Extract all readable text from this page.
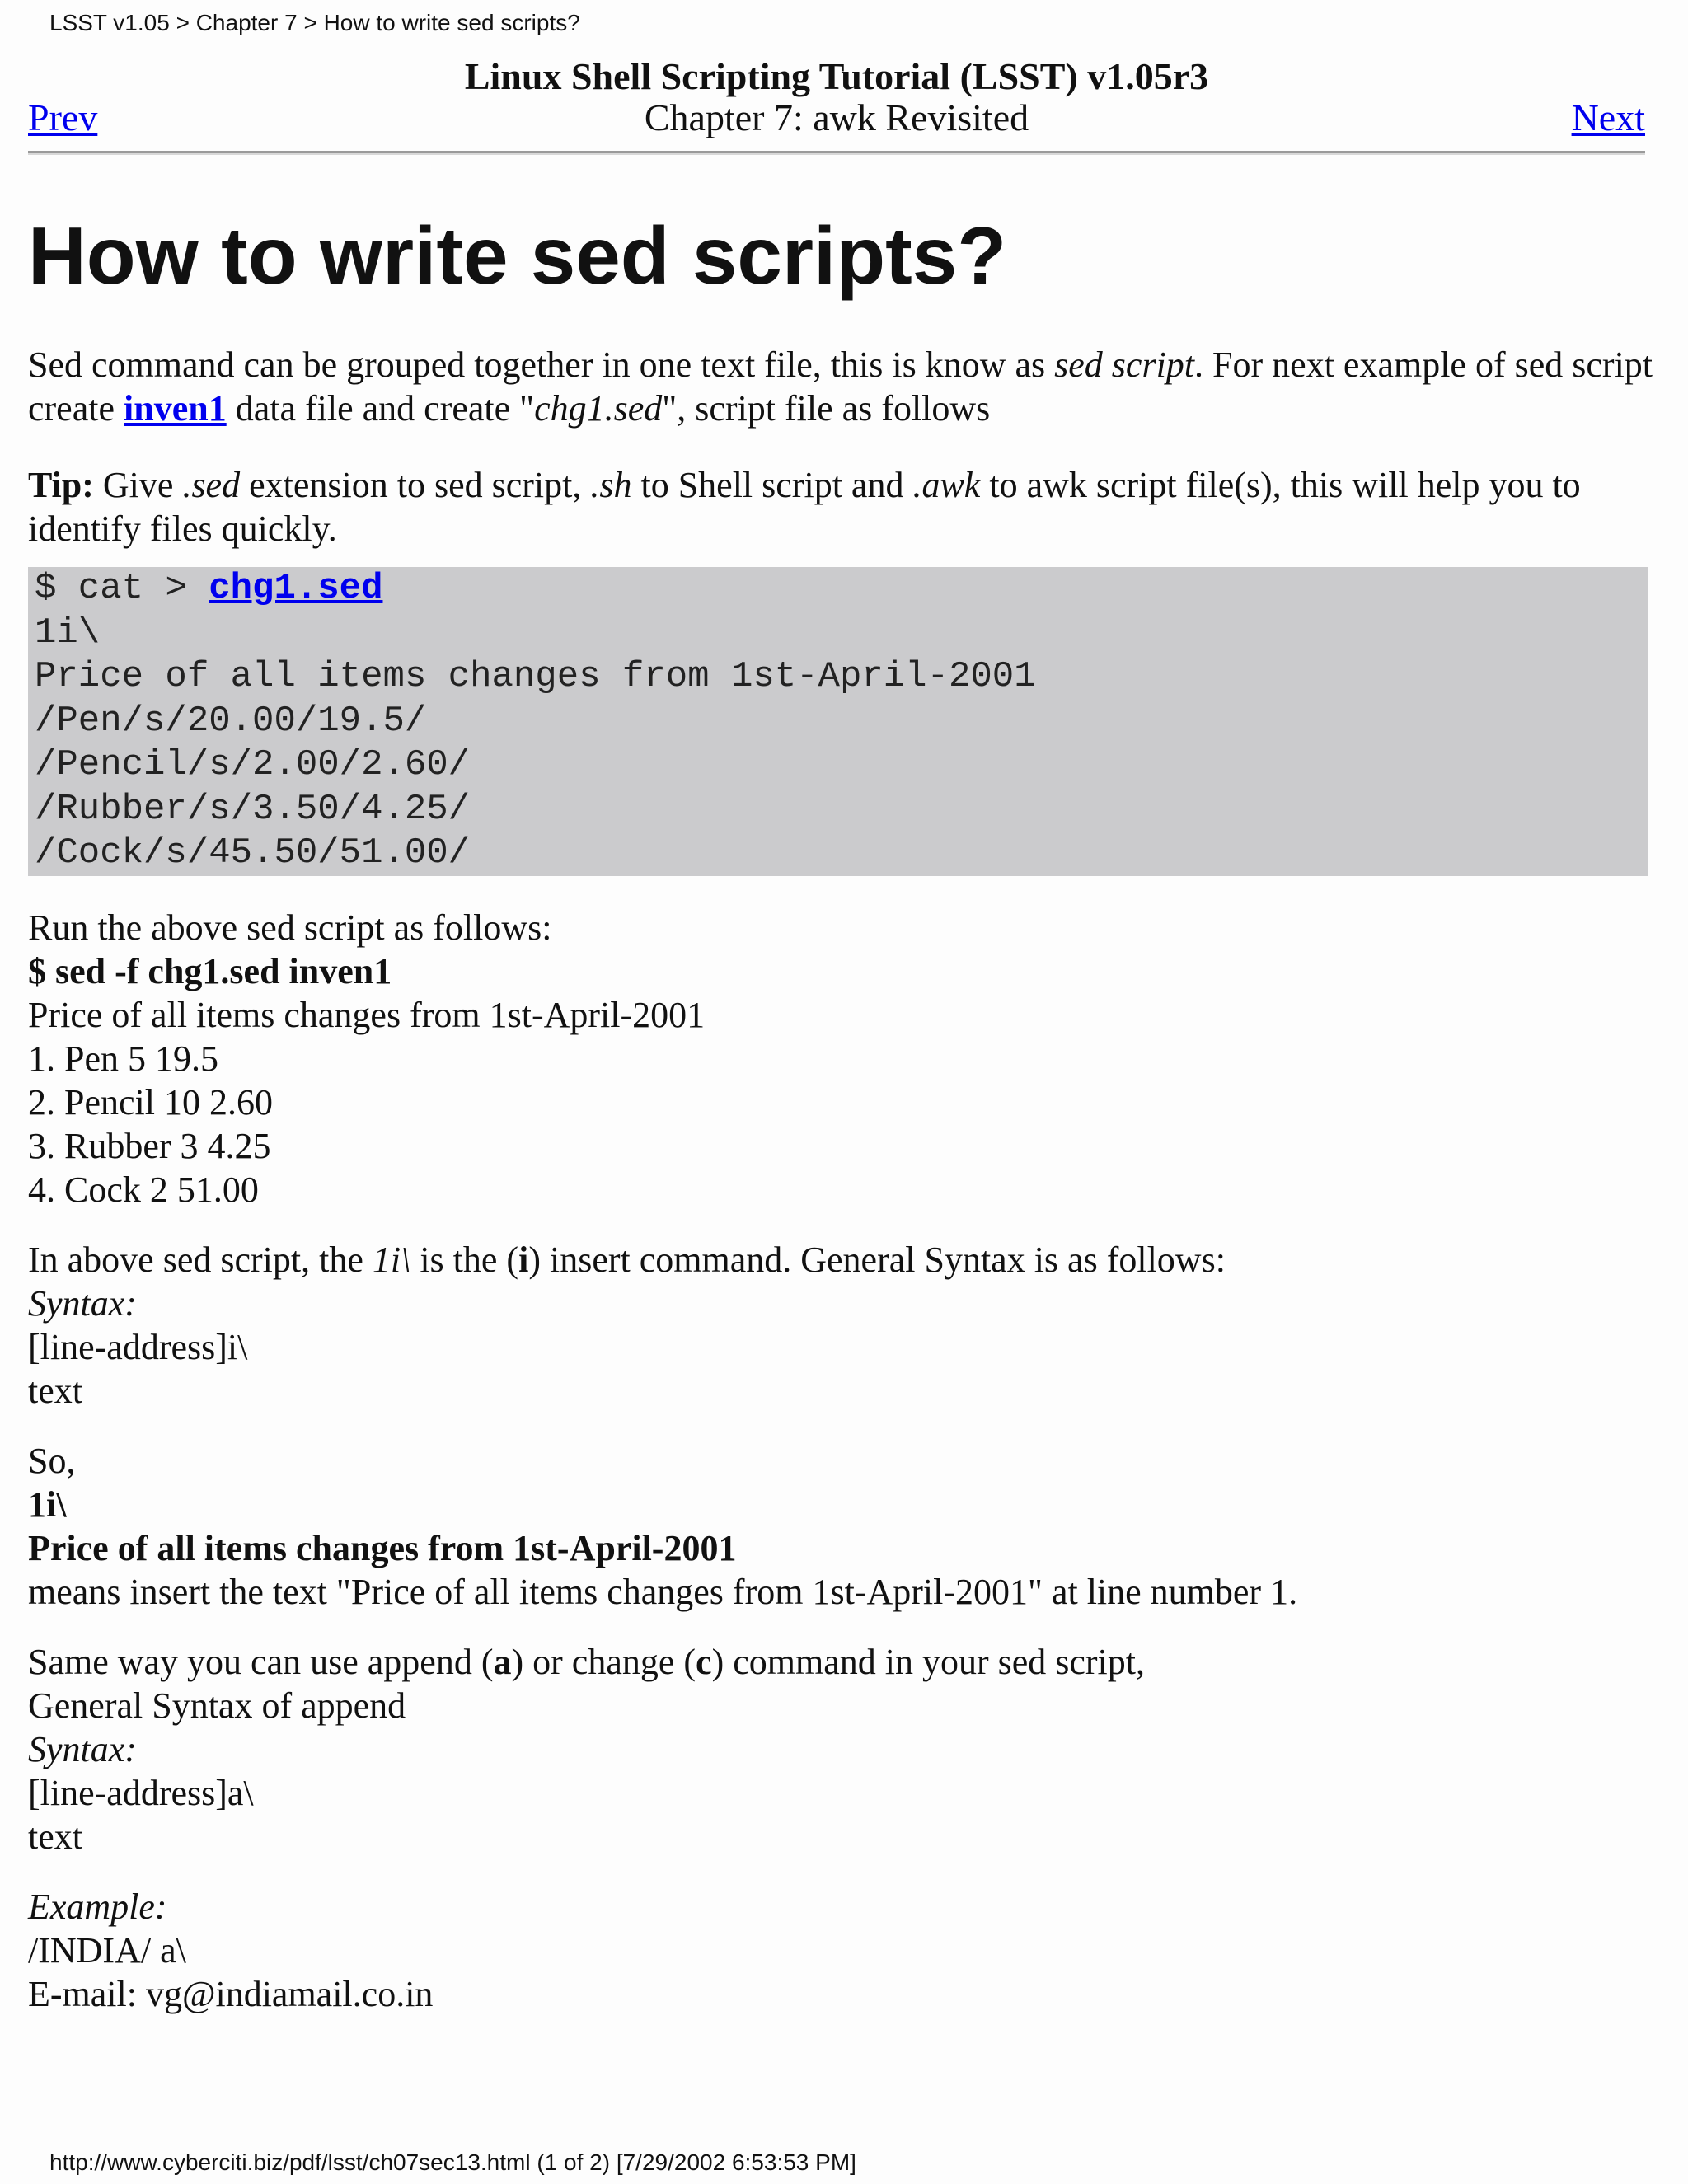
LSST v1.05 > Chapter 7 > How to write sed scripts?
Linux Shell Scripting Tutorial (LSST) v1.05r3
Chapter 7: awk Revisited
Prev	Next
How to write sed scripts?

Sed command can be grouped together in one text file, this is know as sed script. For next example of sed script create inven1 data file and create "chg1.sed", script file as follows

Tip: Give .sed extension to sed script, .sh to Shell script and .awk to awk script file(s), this will help you to identify files quickly.

$ cat > chg1.sed
1i\
Price of all items changes from 1st-April-2001
/Pen/s/20.00/19.5/
/Pencil/s/2.00/2.60/
/Rubber/s/3.50/4.25/
/Cock/s/45.50/51.00/

Run the above sed script as follows:
$ sed -f chg1.sed inven1
Price of all items changes from 1st-April-2001
1. Pen 5 19.5
2. Pencil 10 2.60
3. Rubber 3 4.25
4. Cock 2 51.00

In above sed script, the 1i\ is the (i) insert command. General Syntax is as follows:
Syntax:
[line-address]i\
text

So,
1i\
Price of all items changes from 1st-April-2001
means insert the text "Price of all items changes from 1st-April-2001" at line number 1.

Same way you can use append (a) or change (c) command in your sed script,
General Syntax of append
Syntax:
[line-address]a\
text

Example:
/INDIA/ a\
E-mail: vg@indiamail.co.in

http://www.cyberciti.biz/pdf/lsst/ch07sec13.html (1 of 2) [7/29/2002 6:53:53 PM]
